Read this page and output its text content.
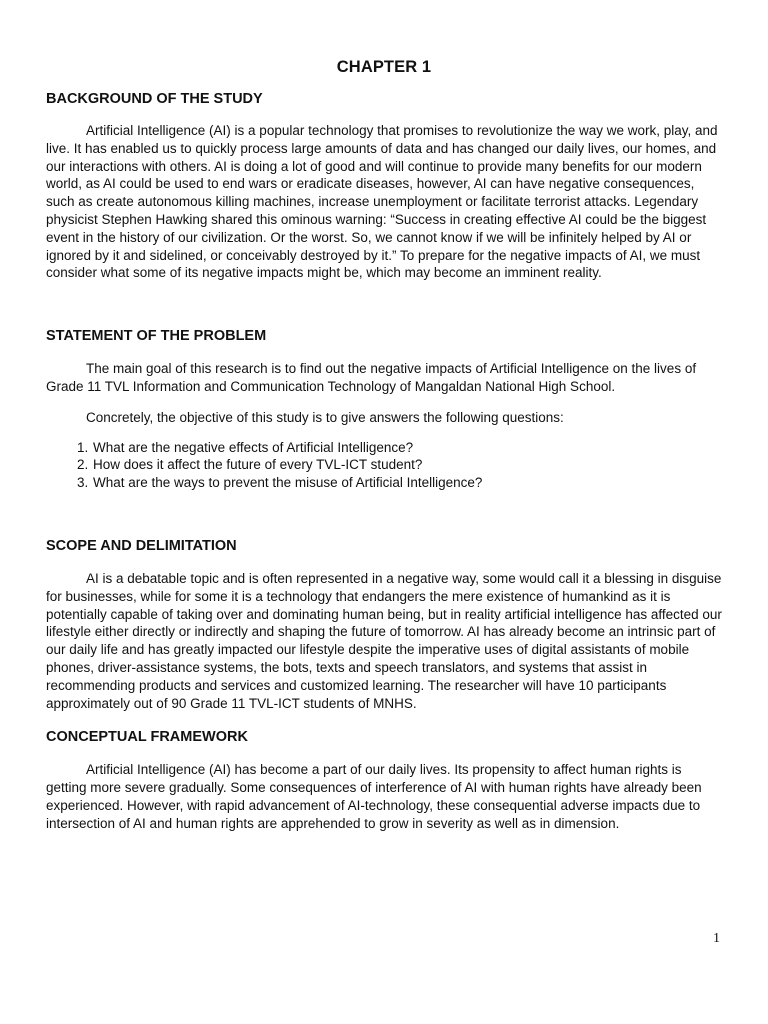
CHAPTER 1
BACKGROUND OF THE STUDY

Artificial Intelligence (AI) is a popular technology that promises to revolutionize the way we work, play, and live. It has enabled us to quickly process large amounts of data and has changed our daily lives, our homes, and our interactions with others. AI is doing a lot of good and will continue to provide many benefits for our modern world, as AI could be used to end wars or eradicate diseases, however, AI can have negative consequences, such as create autonomous killing machines, increase unemployment or facilitate terrorist attacks. Legendary physicist Stephen Hawking shared this ominous warning: “Success in creating effective AI could be the biggest event in the history of our civilization. Or the worst. So, we cannot know if we will be infinitely helped by AI or ignored by it and sidelined, or conceivably destroyed by it.” To prepare for the negative impacts of AI, we must consider what some of its negative impacts might be, which may become an imminent reality.

STATEMENT OF THE PROBLEM

The main goal of this research is to find out the negative impacts of Artificial Intelligence on the lives of Grade 11 TVL Information and Communication Technology of Mangaldan National High School.

Concretely, the objective of this study is to give answers the following questions:

1. What are the negative effects of Artificial Intelligence?
2. How does it affect the future of every TVL-ICT student?
3. What are the ways to prevent the misuse of Artificial Intelligence?
SCOPE AND DELIMITATION

AI is a debatable topic and is often represented in a negative way, some would call it a blessing in disguise for businesses, while for some it is a technology that endangers the mere existence of humankind as it is potentially capable of taking over and dominating human being, but in reality artificial intelligence has affected our lifestyle either directly or indirectly and shaping the future of tomorrow. AI has already become an intrinsic part of our daily life and has greatly impacted our lifestyle despite the imperative uses of digital assistants of mobile phones, driver-assistance systems, the bots, texts and speech translators, and systems that assist in recommending products and services and customized learning. The researcher will have 10 participants approximately out of 90 Grade 11 TVL-ICT students of MNHS.

CONCEPTUAL FRAMEWORK

Artificial Intelligence (AI) has become a part of our daily lives. Its propensity to affect human rights is getting more severe gradually. Some consequences of interference of AI with human rights have already been experienced. However, with rapid advancement of AI-technology, these consequential adverse impacts due to intersection of AI and human rights are apprehended to grow in severity as well as in dimension.

1
